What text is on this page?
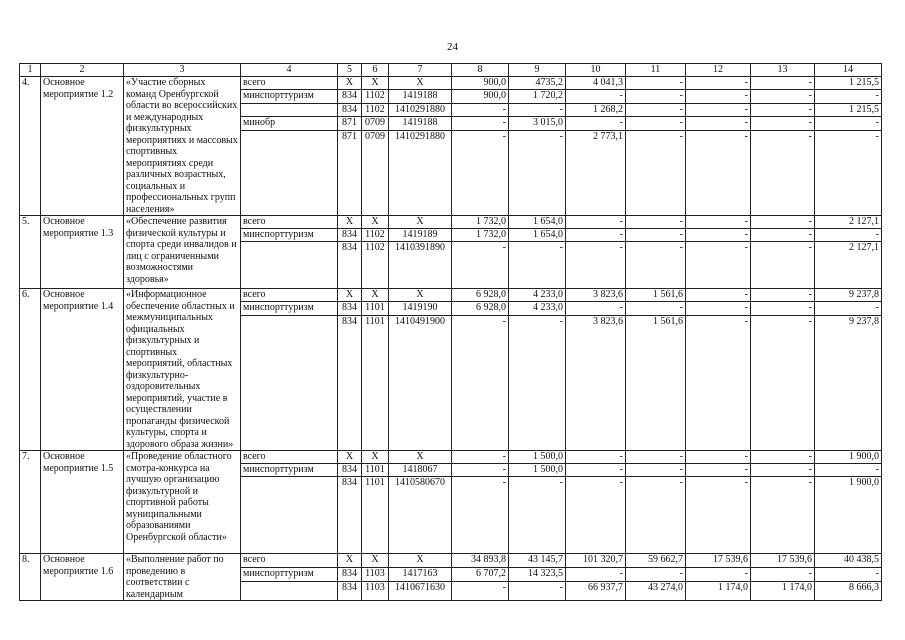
24
1	2	3	4	5	6	7	8	9	10	11	12	13	14
4.	Основное мероприятие 1.2	«Участие сборных команд Оренбургской области во всероссийских и международных физкультурных мероприятиях и массовых спортивных мероприятиях среди различных возрастных, социальных и профессиональных групп населения»	всего	X	X	X	900,0	4735,2	4 041,3	-	-	-	1 215,5
			минспорттуризм	834	1102	1419188	900,0	1 720,2	-	-	-	-	-
				834	1102	1410291880	-	-	1 268,2	-	-	-	1 215,5
			минобр	871	0709	1419188	-	3 015,0	-	-	-	-	-
				871	0709	1410291880	-	-	2 773,1	-	-	-	-
5.	Основное мероприятие 1.3	«Обеспечение развития физической культуры и спорта среди инвалидов и лиц с ограниченными возможностями здоровья»	всего	X	X	X	1 732,0	1 654,0	-	-	-	-	2 127,1
			минспорттуризм	834	1102	1419189	1 732,0	1 654,0	-	-	-	-	-
				834	1102	1410391890	-	-	-	-	-	-	2 127,1
6.	Основное мероприятие 1.4	«Информационное обеспечение областных и межмуниципальных официальных физкультурных и спортивных мероприятий, областных физкультурно-оздоровительных мероприятий, участие в осуществлении пропаганды физической культуры, спорта и здорового образа жизни»	всего	X	X	X	6 928,0	4 233,0	3 823,6	1 561,6	-	-	9 237,8
			минспорттуризм	834	1101	1419190	6 928,0	4 233,0	-	-	-	-	-
				834	1101	1410491900	-	-	3 823,6	1 561,6	-	-	9 237,8
7.	Основное мероприятие 1.5	«Проведение областного смотра-конкурса на лучшую организацию физкультурной и спортивной работы муниципальными образованиями Оренбургской области»	всего	X	X	X	-	1 500,0	-	-	-	-	1 900,0
			минспорттуризм	834	1101	1418067	-	1 500,0	-	-	-	-	-
				834	1101	1410580670	-	-	-	-	-	-	1 900,0
8.	Основное мероприятие 1.6	«Выполнение работ по проведению в соответствии с календарным	всего	X	X	X	34 893,8	43 145,7	101 320,7	59 662,7	17 539,6	17 539,6	40 438,5
			минспорттуризм	834	1103	1417163	6 707,2	14 323,5	-	-	-	-	-
				834	1103	1410671630	-	-	66 937,7	43 274,0	1 174,0	1 174,0	8 666,3
